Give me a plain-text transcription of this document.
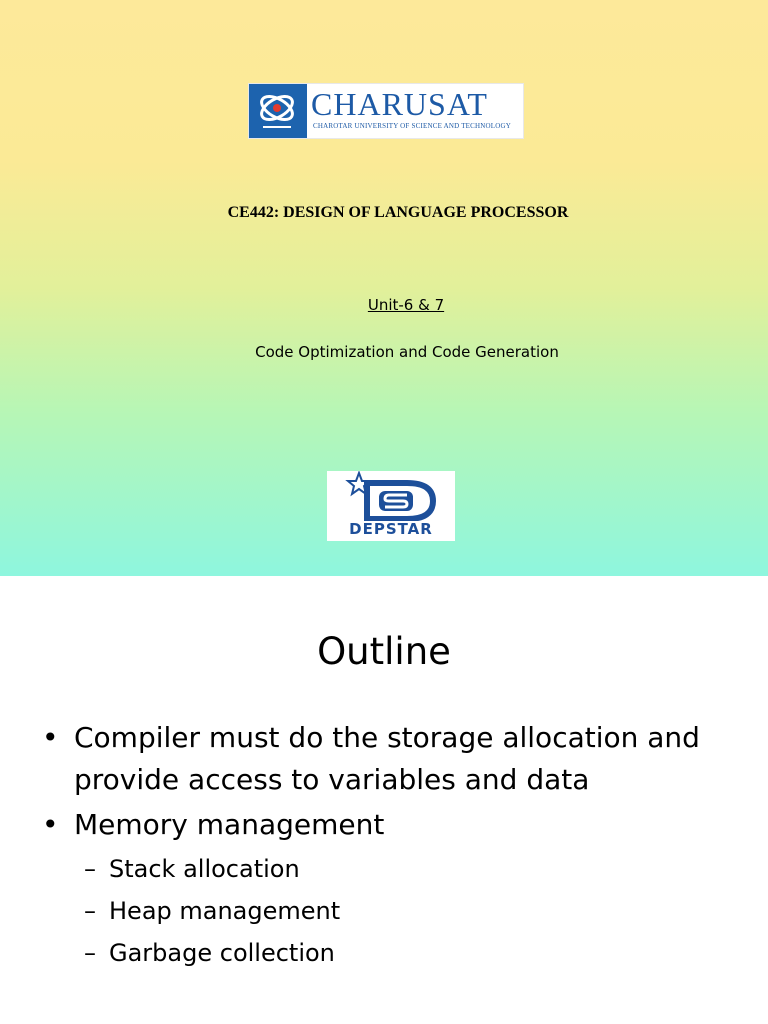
CHARUSAT
CHAROTAR UNIVERSITY OF SCIENCE AND TECHNOLOGY
CE442: DESIGN OF LANGUAGE PROCESSOR
Unit-6 & 7
Code Optimization and Code Generation
DEPSTAR
Outline
• Compiler must do the storage allocation and provide access to variables and data
• Memory management
– Stack allocation
– Heap management
– Garbage collection
